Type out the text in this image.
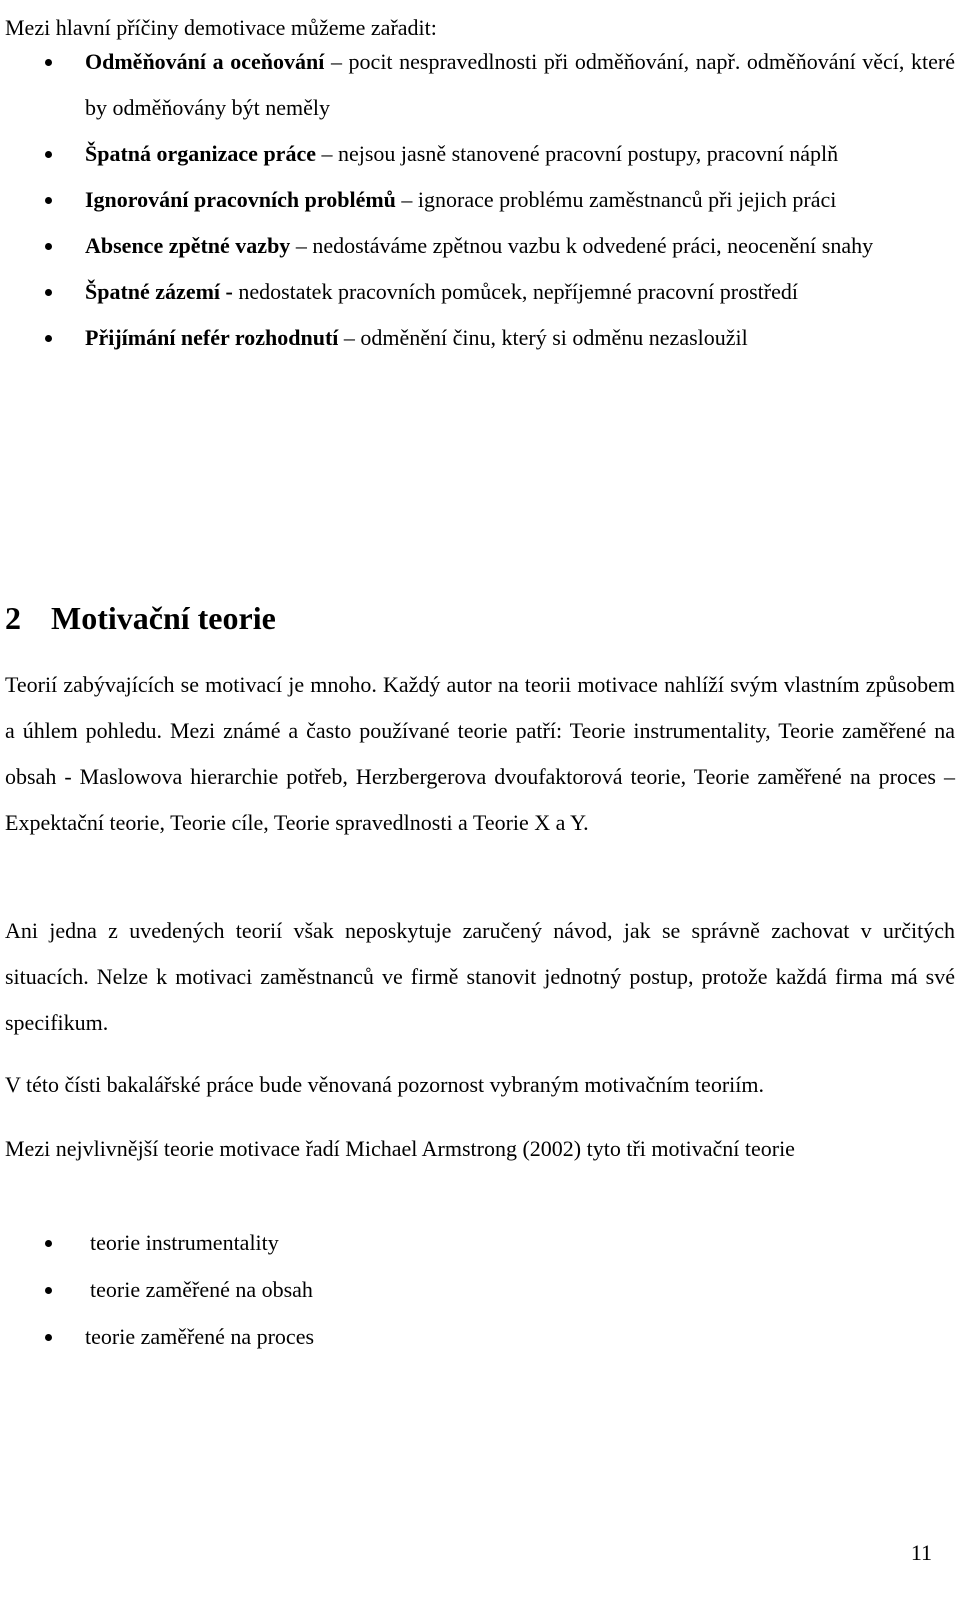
Mezi hlavní příčiny demotivace můžeme zařadit:
Odměňování a oceňování – pocit nespravedlnosti při odměňování, např. odměňování věcí, které by odměňovány být neměly
Špatná organizace práce – nejsou jasně stanovené pracovní postupy, pracovní náplň
Ignorování pracovních problémů – ignorace problému zaměstnanců při jejich práci
Absence zpětné vazby – nedostáváme zpětnou vazbu k odvedené práci, neocenění snahy
Špatné zázemí - nedostatek pracovních pomůcek, nepříjemné pracovní prostředí
Přijímání nefér rozhodnutí – odměnění činu, který si odměnu nezasloužil
2 Motivační teorie

Teorií zabývajících se motivací je mnoho. Každý autor na teorii motivace nahlíží svým vlastním způsobem a úhlem pohledu. Mezi známé a často používané teorie patří: Teorie instrumentality, Teorie zaměřené na obsah - Maslowova hierarchie potřeb, Herzbergerova dvoufaktorová teorie, Teorie zaměřené na proces – Expektační teorie, Teorie cíle, Teorie spravedlnosti a Teorie X a Y.

Ani jedna z uvedených teorií však neposkytuje zaručený návod, jak se správně zachovat v určitých situacích. Nelze k motivaci zaměstnanců ve firmě stanovit jednotný postup, protože každá firma má své specifikum.

V této čísti bakalářské práce bude věnovaná pozornost vybraným motivačním teoriím.

Mezi nejvlivnější teorie motivace řadí Michael Armstrong (2002) tyto tři motivační teorie

teorie instrumentality
teorie zaměřené na obsah
teorie zaměřené na proces
11
